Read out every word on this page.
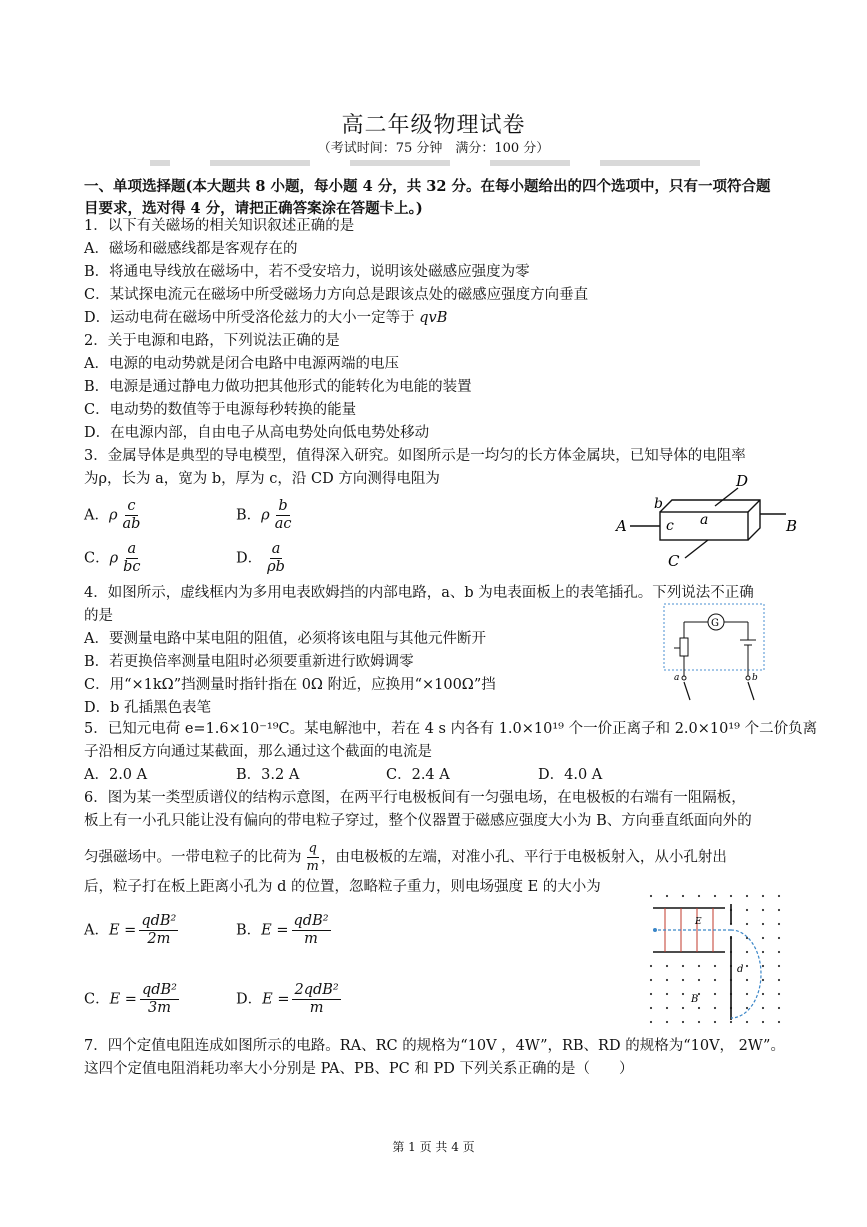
高二年级物理试卷
（考试时间：75 分钟　满分：100 分）
一、单项选择题(本大题共 8 小题，每小题 4 分，共 32 分。在每小题给出的四个选项中，只有一项符合题目要求，选对得 4 分，请把正确答案涂在答题卡上。)
1．以下有关磁场的相关知识叙述正确的是
A．磁场和磁感线都是客观存在的
B．将通电导线放在磁场中，若不受安培力，说明该处磁感应强度为零
C．某试探电流元在磁场中所受磁场力方向总是跟该点处的磁感应强度方向垂直
D．运动电荷在磁场中所受洛伦兹力的大小一定等于 qvB
2．关于电源和电路，下列说法正确的是
A．电源的电动势就是闭合电路中电源两端的电压
B．电源是通过静电力做功把其他形式的能转化为电能的装置
C．电动势的数值等于电源每秒转换的能量
D．在电源内部，自由电子从高电势处向低电势处移动
3．金属导体是典型的导电模型，值得深入研究。如图所示是一均匀的长方体金属块，已知导体的电阻率
为ρ，长为 a，宽为 b，厚为 c，沿 CD 方向测得电阻为
A．ρ $\frac{c}{ab}$	B．ρ $\frac{b}{ac}$
C．ρ $\frac{a}{bc}$	D． $\frac{a}{\rho b}$
A	B
C
D
a
b
c
4．如图所示，虚线框内为多用电表欧姆挡的内部电路，a、b 为电表面板上的表笔插孔。下列说法不正确
的是
A．要测量电路中某电阻的阻值，必须将该电阻与其他元件断开
B．若更换倍率测量电阻时必须要重新进行欧姆调零
C．用“×1kΩ”挡测量时指针指在 0Ω 附近，应换用“×100Ω”挡
D．b 孔插黑色表笔
G
a	b
5．已知元电荷 e=1.6×10⁻¹⁹C。某电解池中，若在 4 s 内各有 1.0×10¹⁹ 个一价正离子和 2.0×10¹⁹ 个二价负离
子沿相反方向通过某截面，那么通过这个截面的电流是
A．2.0 A	B．3.2 A	C．2.4 A	D．4.0 A
6．图为某一类型质谱仪的结构示意图，在两平行电极板间有一匀强电场，在电极板的右端有一阻隔板，
板上有一小孔只能让没有偏向的带电粒子穿过，整个仪器置于磁感应强度大小为 B、方向垂直纸面向外的
匀强磁场中。一带电粒子的比荷为 $\frac{q}{m}$ ，由电极板的左端，对准小孔、平行于电极板射入，从小孔射出
后，粒子打在板上距离小孔为 d 的位置，忽略粒子重力，则电场强度 E 的大小为
A．$E = \frac{\text{qdB²}}{2m}$	B．$E = \frac{\text{qdB²}}{m}$
C．$E = \frac{\text{qdB²}}{3m}$	D．$E = \frac{\text{2qdB²}}{m}$
E
d
B
7．四个定值电阻连成如图所示的电路。RA、RC 的规格为“10V ，4W”，RB、RD 的规格为“10V， 2W”。
这四个定值电阻消耗功率大小分别是 PA、PB、PC 和 PD 下列关系正确的是（　　）
第 1 页 共 4 页
